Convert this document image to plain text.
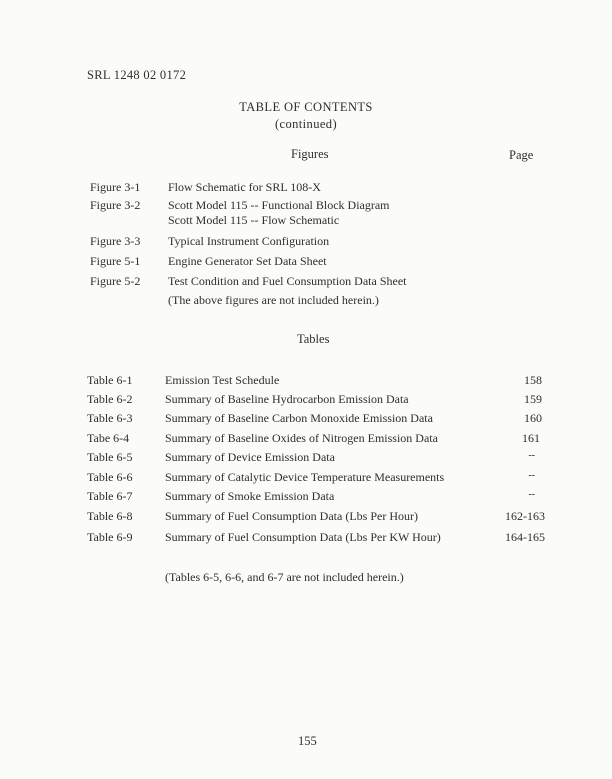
SRL 1248 02 0172
TABLE OF CONTENTS
(continued)
Figures	Page
Figure 3-1 Flow Schematic for SRL 108-X
Figure 3-2 Scott Model 115 -- Functional Block Diagram
Scott Model 115 -- Flow Schematic
Figure 3-3 Typical Instrument Configuration
Figure 5-1 Engine Generator Set Data Sheet
Figure 5-2 Test Condition and Fuel Consumption Data Sheet
(The above figures are not included herein.)
Tables
Table 6-1	Emission Test Schedule	158
Table 6-2	Summary of Baseline Hydrocarbon Emission Data	159
Table 6-3	Summary of Baseline Carbon Monoxide Emission Data	160
Tabe 6-4	Summary of Baseline Oxides of Nitrogen Emission Data	161
Table 6-5	Summary of Device Emission Data	--
Table 6-6	Summary of Catalytic Device Temperature Measurements	--
Table 6-7	Summary of Smoke Emission Data	--
Table 6-8	Summary of Fuel Consumption Data (Lbs Per Hour)	162-163
Table 6-9	Summary of Fuel Consumption Data (Lbs Per KW Hour)	164-165
(Tables 6-5, 6-6, and 6-7 are not included herein.)
155
